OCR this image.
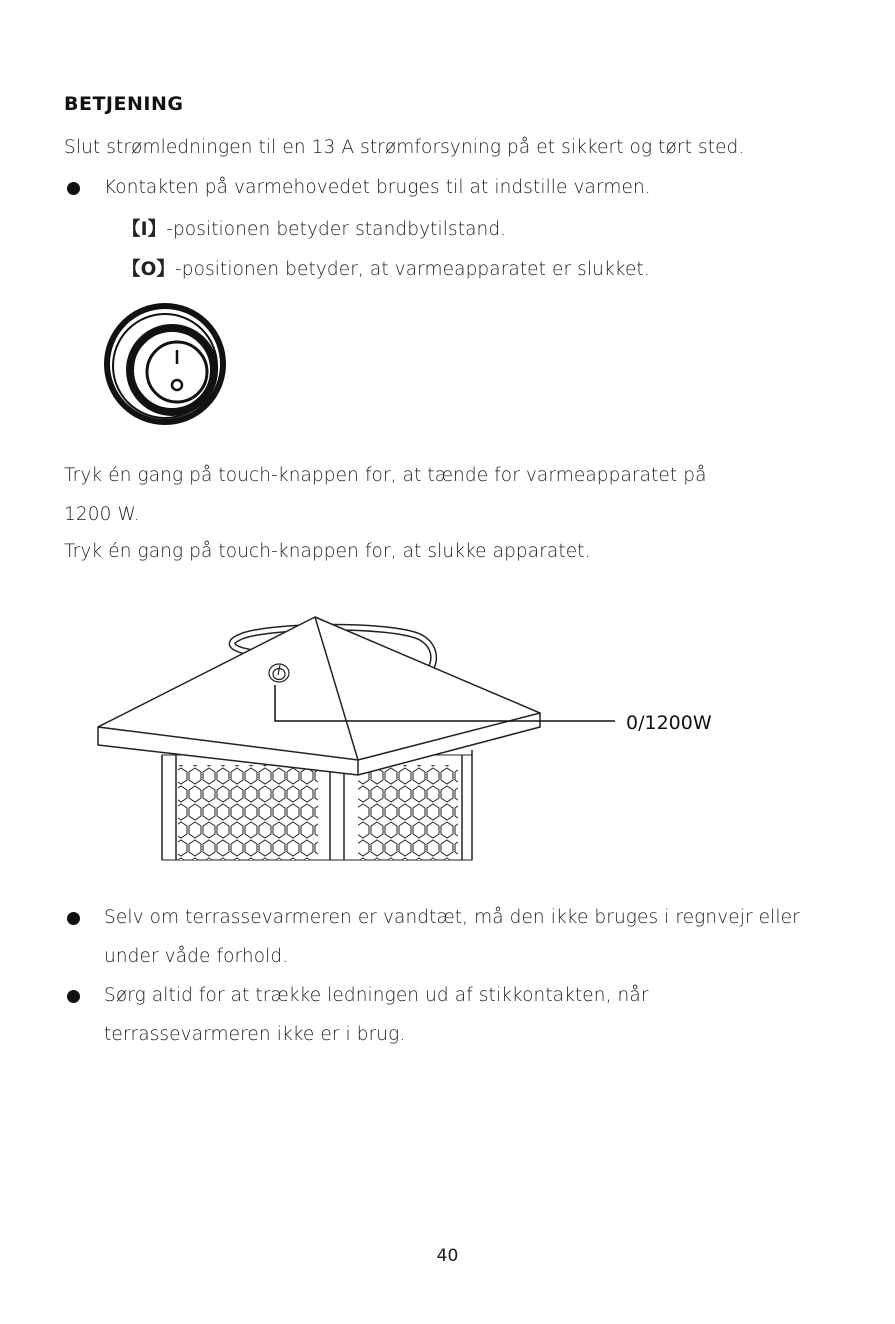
BETJENING
Slut strømledningen til en 13 A strømforsyning på et sikkert og tørt sted.
Kontakten på varmehovedet bruges til at indstille varmen.
【I】-positionen betyder standbytilstand.
【O】-positionen betyder, at varmeapparatet er slukket.
Tryk én gang på touch-knappen for, at tænde for varmeapparatet på
1200 W.
Tryk én gang på touch-knappen for, at slukke apparatet.
0/1200W
Selv om terrassevarmeren er vandtæt, må den ikke bruges i regnvejr eller
under våde forhold.
Sørg altid for at trække ledningen ud af stikkontakten, når
terrassevarmeren ikke er i brug.
40
